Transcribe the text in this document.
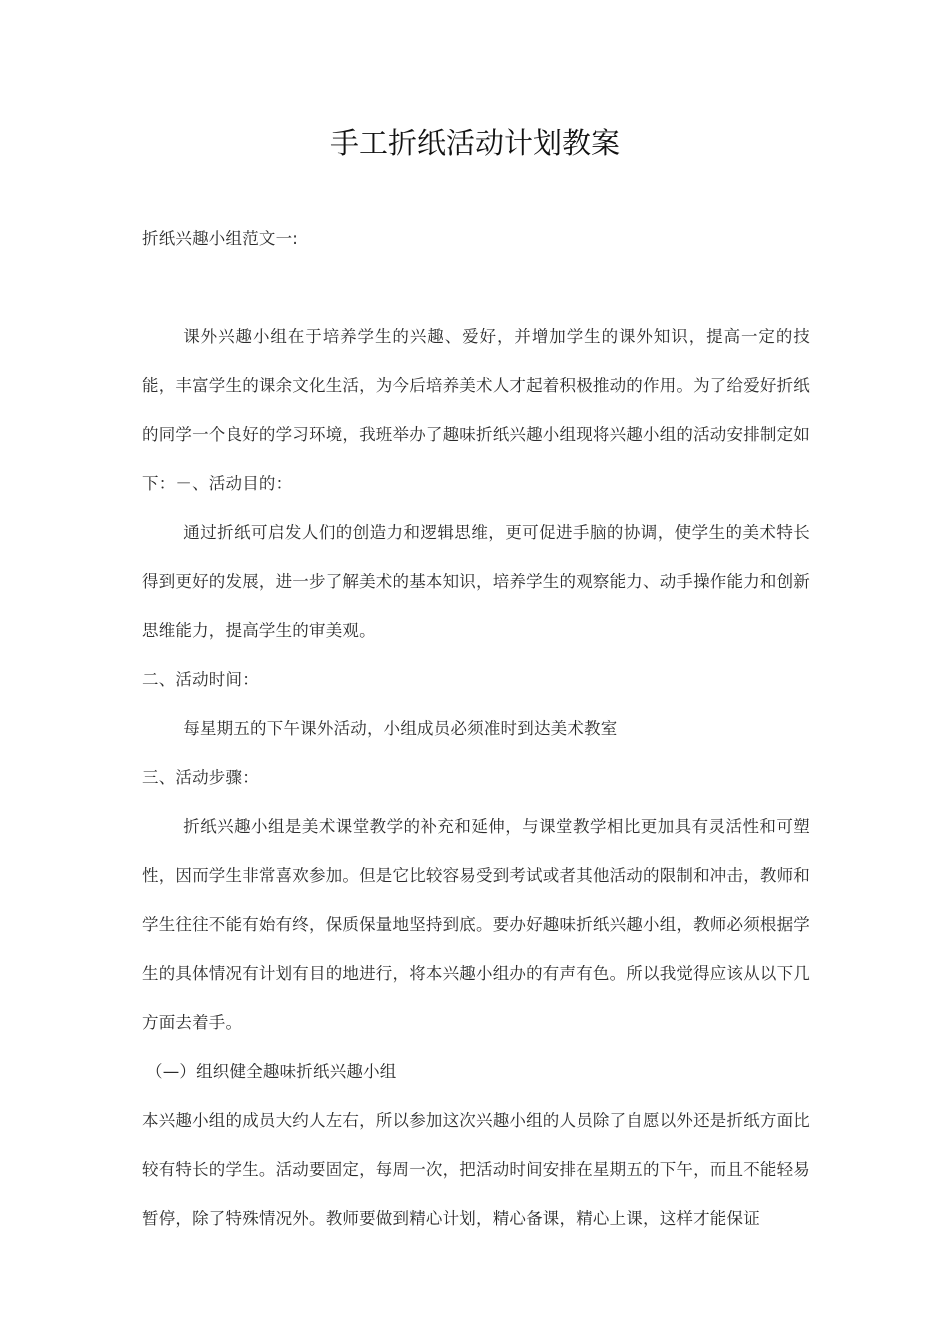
手工折纸活动计划教案

折纸兴趣小组范文一:

课外兴趣小组在于培养学生的兴趣、爱好，并增加学生的课外知识，提高一定的技能，丰富学生的课余文化生活，为今后培养美术人才起着积极推动的作用。为了给爱好折纸的同学一个良好的学习环境，我班举办了趣味折纸兴趣小组现将兴趣小组的活动安排制定如下：－、活动目的：

通过折纸可启发人们的创造力和逻辑思维，更可促进手脑的协调，使学生的美术特长得到更好的发展，进一步了解美术的基本知识，培养学生的观察能力、动手操作能力和创新思维能力，提高学生的审美观。

二、活动时间：

每星期五的下午课外活动，小组成员必须准时到达美术教室

三、活动步骤：

折纸兴趣小组是美术课堂教学的补充和延伸，与课堂教学相比更加具有灵活性和可塑性，因而学生非常喜欢参加。但是它比较容易受到考试或者其他活动的限制和冲击，教师和学生往往不能有始有终，保质保量地坚持到底。要办好趣味折纸兴趣小组，教师必须根据学生的具体情况有计划有目的地进行，将本兴趣小组办的有声有色。所以我觉得应该从以下几方面去着手。

（—）组织健全趣味折纸兴趣小组

本兴趣小组的成员大约人左右，所以参加这次兴趣小组的人员除了自愿以外还是折纸方面比较有特长的学生。活动要固定，每周一次，把活动时间安排在星期五的下午，而且不能轻易暂停，除了特殊情况外。教师要做到精心计划，精心备课，精心上课，这样才能保证
